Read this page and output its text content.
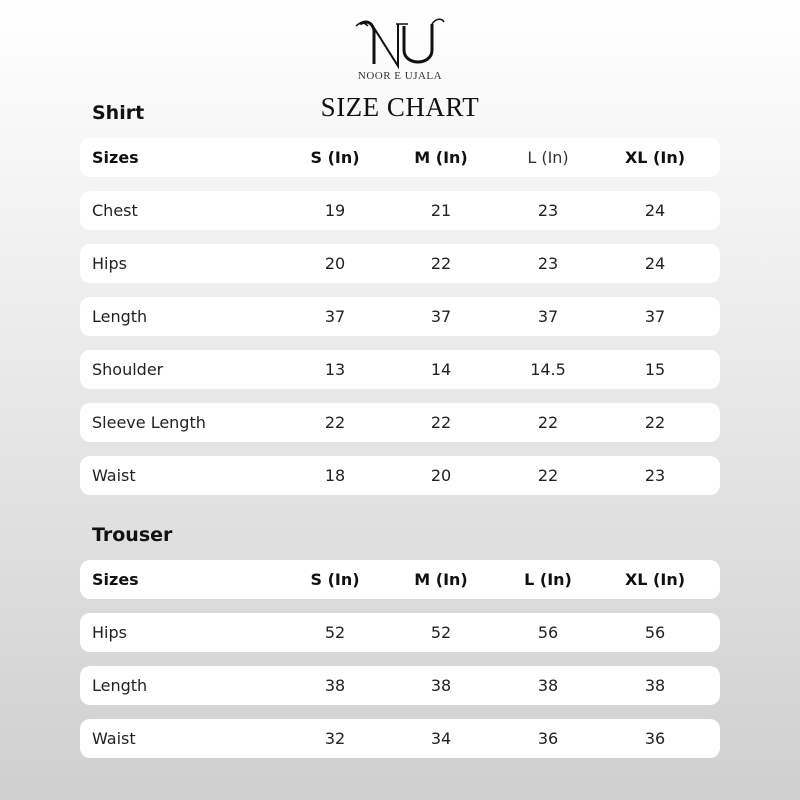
NOOR E UJALA
SIZE CHART
Shirt
Sizes	S (In)	M (In)	L (In)	XL (In)
Chest	19	21	23	24
Hips	20	22	23	24
Length	37	37	37	37
Shoulder	13	14	14.5	15
Sleeve Length	22	22	22	22
Waist	18	20	22	23
Trouser
Sizes	S (In)	M (In)	L (In)	XL (In)
Hips	52	52	56	56
Length	38	38	38	38
Waist	32	34	36	36
